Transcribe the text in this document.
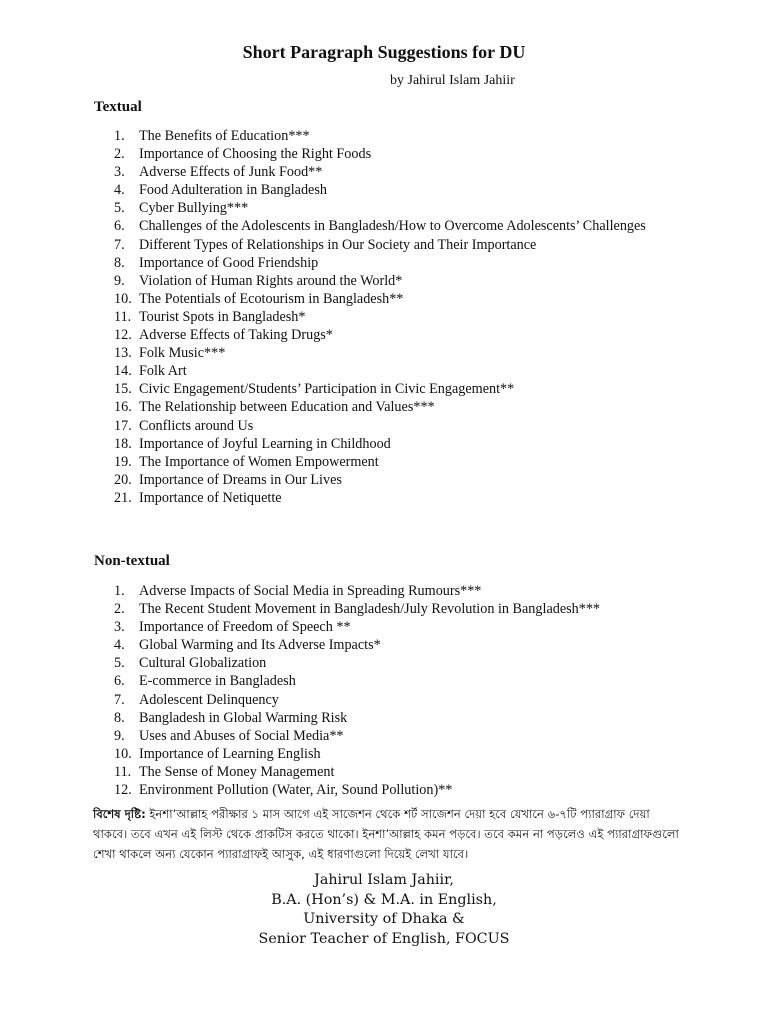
Short Paragraph Suggestions for DU

by Jahirul Islam Jahiir

Textual
1. The Benefits of Education***
2. Importance of Choosing the Right Foods
3. Adverse Effects of Junk Food**
4. Food Adulteration in Bangladesh
5. Cyber Bullying***
6. Challenges of the Adolescents in Bangladesh/How to Overcome Adolescents’ Challenges
7. Different Types of Relationships in Our Society and Their Importance
8. Importance of Good Friendship
9. Violation of Human Rights around the World*
10. The Potentials of Ecotourism in Bangladesh**
11. Tourist Spots in Bangladesh*
12. Adverse Effects of Taking Drugs*
13. Folk Music***
14. Folk Art
15. Civic Engagement/Students’ Participation in Civic Engagement**
16. The Relationship between Education and Values***
17. Conflicts around Us
18. Importance of Joyful Learning in Childhood
19. The Importance of Women Empowerment
20. Importance of Dreams in Our Lives
21. Importance of Netiquette
Non-textual
1. Adverse Impacts of Social Media in Spreading Rumours***
2. The Recent Student Movement in Bangladesh/July Revolution in Bangladesh***
3. Importance of Freedom of Speech **
4. Global Warming and Its Adverse Impacts*
5. Cultural Globalization
6. E-commerce in Bangladesh
7. Adolescent Delinquency
8. Bangladesh in Global Warming Risk
9. Uses and Abuses of Social Media**
10. Importance of Learning English
11. The Sense of Money Management
12. Environment Pollution (Water, Air, Sound Pollution)**

বিশেষ দৃষ্টি: ইনশা’আল্লাহ পরীক্ষার ১ মাস আগে এই সাজেশন থেকে শর্ট সাজেশন দেয়া হবে যেখানে ৬-৭টি প্যারাগ্রাফ দেয়া থাকবে। তবে এখন এই লিস্ট থেকে প্রাকটিস করতে থাকো। ইনশা’আল্লাহ কমন পড়বে। তবে কমন না পড়লেও এই প্যারাগ্রাফগুলো শেখা থাকলে অন্য যেকোন প্যারাগ্রাফই আসুক, এই ধারণাগুলো দিয়েই লেখা যাবে।

Jahirul Islam Jahiir,
B.A. (Hon’s) & M.A. in English,
University of Dhaka &
Senior Teacher of English, FOCUS
